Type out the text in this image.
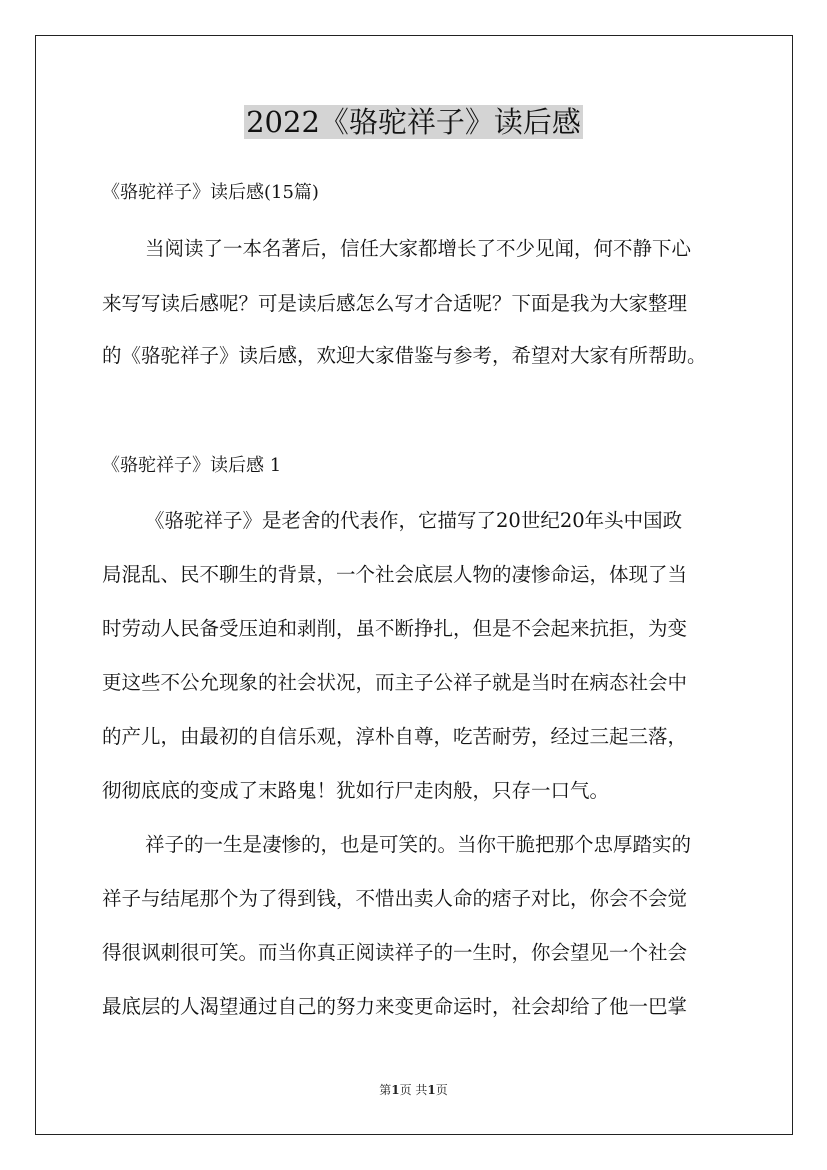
2022《骆驼祥子》读后感

《骆驼祥子》读后感(15篇)

当阅读了一本名著后，信任大家都增长了不少见闻，何不静下心

来写写读后感呢？可是读后感怎么写才合适呢？下面是我为大家整理

的《骆驼祥子》读后感，欢迎大家借鉴与参考，希望对大家有所帮助。

《骆驼祥子》读后感 1

《骆驼祥子》是老舍的代表作，它描写了20世纪20年头中国政

局混乱、民不聊生的背景，一个社会底层人物的凄惨命运，体现了当

时劳动人民备受压迫和剥削，虽不断挣扎，但是不会起来抗拒，为变

更这些不公允现象的社会状况，而主子公祥子就是当时在病态社会中

的产儿，由最初的自信乐观，淳朴自尊，吃苦耐劳，经过三起三落，

彻彻底底的变成了末路鬼！犹如行尸走肉般，只存一口气。

祥子的一生是凄惨的，也是可笑的。当你干脆把那个忠厚踏实的

祥子与结尾那个为了得到钱，不惜出卖人命的痞子对比，你会不会觉

得很讽刺很可笑。而当你真正阅读祥子的一生时，你会望见一个社会

最底层的人渴望通过自己的努力来变更命运时，社会却给了他一巴掌

第1页 共1页
